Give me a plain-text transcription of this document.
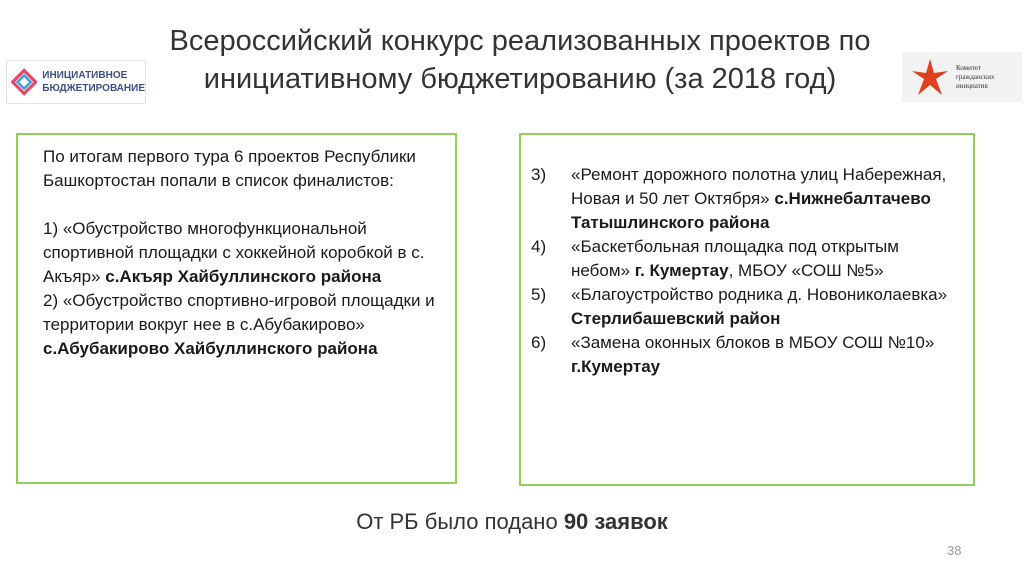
Всероссийский конкурс реализованных проектов по инициативному бюджетированию (за 2018 год)
ИНИЦИАТИВНОЕ
БЮДЖЕТИРОВАНИЕ
Комитет
гражданских
инициатив

По итогам первого тура 6 проектов Республики Башкортостан попали в список финалистов:

1) «Обустройство многофункциональной спортивной площадки с хоккейной коробкой в с. Акъяр» с.Акъяр Хайбуллинского района

2) «Обустройство спортивно-игровой площадки и территории вокруг нее в с.Абубакирово» с.Абубакирово Хайбуллинского района

3)	«Ремонт дорожного полотна улиц Набережная, Новая и 50 лет Октября» с.Нижнебалтачево Татышлинского района
4)	«Баскетбольная площадка под открытым небом» г. Кумертау, МБОУ «СОШ №5»
5)	«Благоустройство родника д. Новониколаевка» Стерлибашевский район
6)	«Замена оконных блоков в МБОУ СОШ №10» г.Кумертау
От РБ было подано 90 заявок
38
